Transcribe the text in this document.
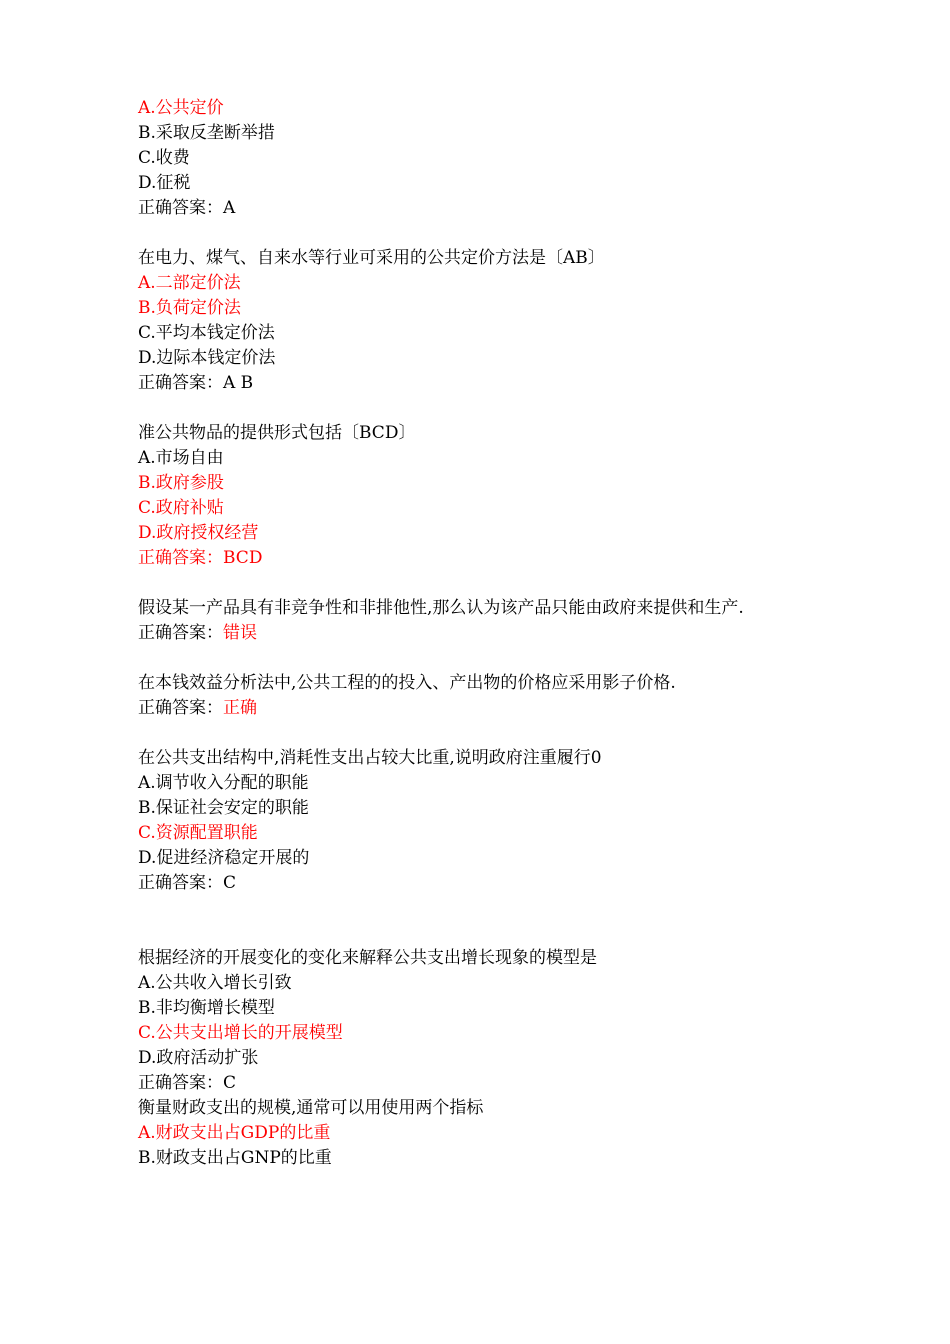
A.公共定价
B.采取反垄断举措
C.收费
D.征税
正确答案：A
在电力、煤气、自来水等行业可采用的公共定价方法是〔AB〕
A.二部定价法
B.负荷定价法
C.平均本钱定价法
D.边际本钱定价法
正确答案：A B
准公共物品的提供形式包括〔BCD〕
A.市场自由
B.政府参股
C.政府补贴
D.政府授权经营
正确答案：BCD
假设某一产品具有非竞争性和非排他性,那么认为该产品只能由政府来提供和生产.
正确答案：错误
在本钱效益分析法中,公共工程的的投入、产出物的价格应采用影子价格.
正确答案：正确
在公共支出结构中,消耗性支出占较大比重,说明政府注重履行0
A.调节收入分配的职能
B.保证社会安定的职能
C.资源配置职能
D.促进经济稳定开展的
正确答案：C
根据经济的开展变化的变化来解释公共支出增长现象的模型是
A.公共收入增长引致
B.非均衡增长模型
C.公共支出增长的开展模型
D.政府活动扩张
正确答案：C
衡量财政支出的规模,通常可以用使用两个指标
A.财政支出占GDP的比重
B.财政支出占GNP的比重
